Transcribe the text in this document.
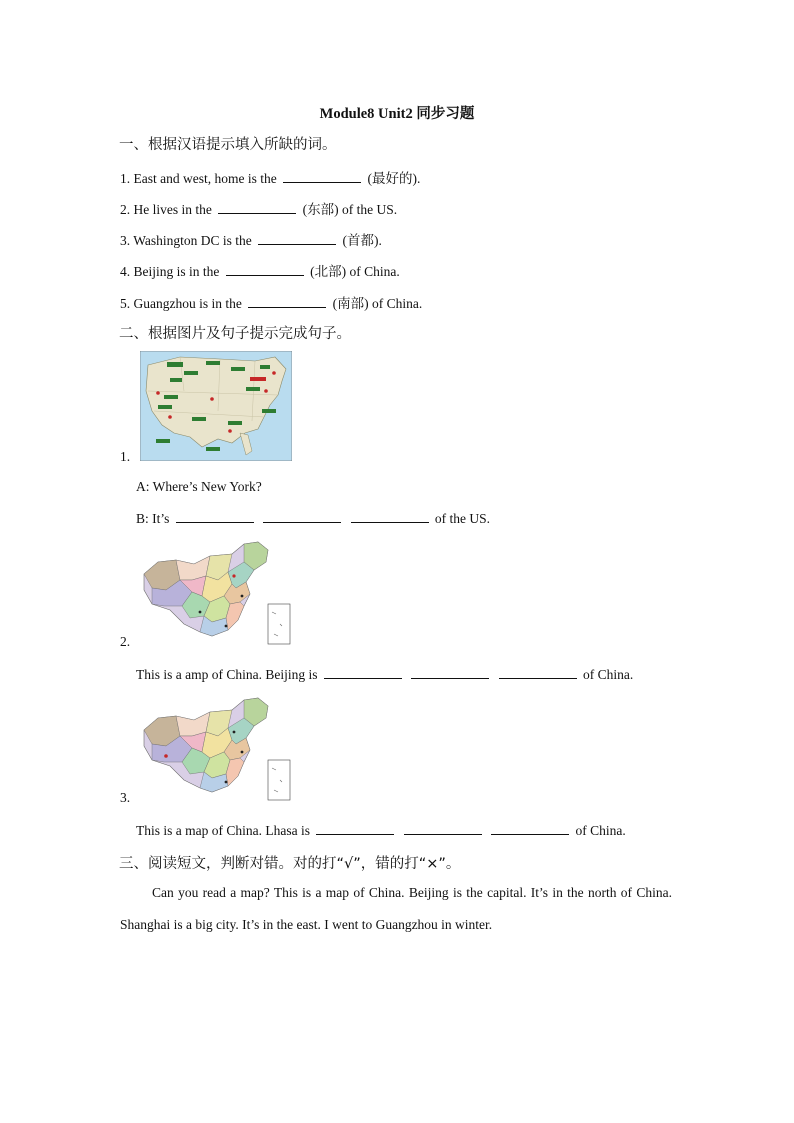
Module8 Unit2 同步习题
一、根据汉语提示填入所缺的词。
1. East and west, home is the	(最好的).
2. He lives in the	(东部) of the US.
3. Washington DC is the	(首都).
4. Beijing is in the	(北部) of China.
5. Guangzhou is in the	(南部) of China.
二、根据图片及句子提示完成句子。
1.
A: Where’s New York?
B: It’s	of the US.
2.
This is a amp of China. Beijing is	of China.
3.
This is a map of China. Lhasa is	of China.
三、阅读短文，判断对错。对的打“√”，错的打“×”。
Can you read a map? This is a map of China. Beijing is the capital. It’s in the north of China. Shanghai is a big city. It’s in the east. I went to Guangzhou in winter.
